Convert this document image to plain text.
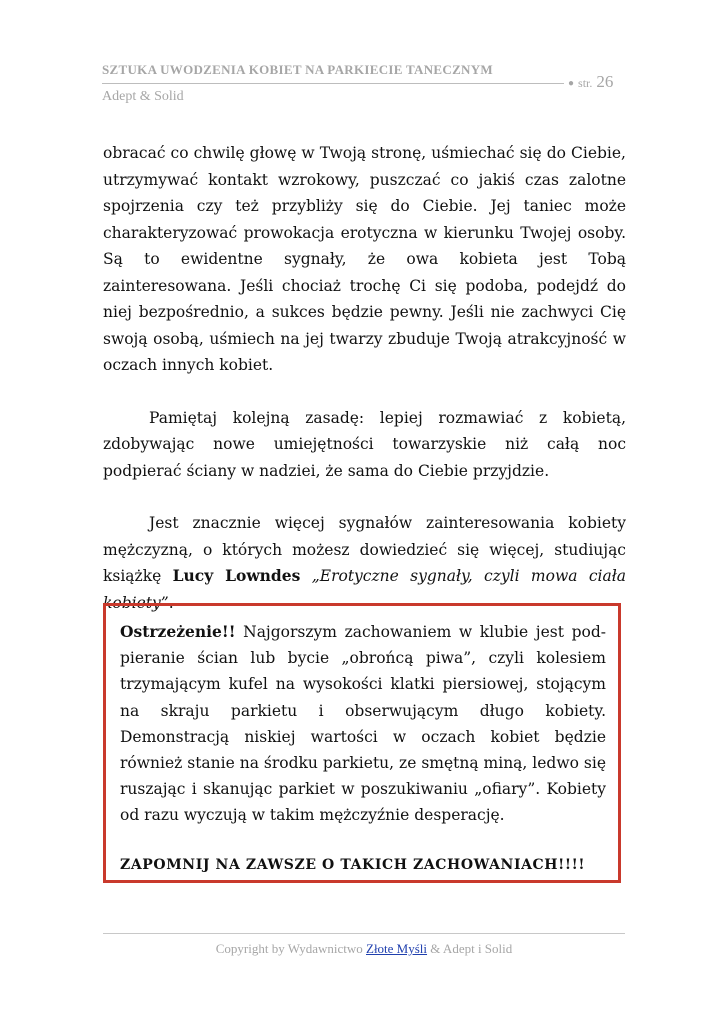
SZTUKA UWODZENIA KOBIET NA PARKIECIE TANECZNYM
Adept & Solid
● str. 26

obracać co chwilę głowę w Twoją stronę, uśmiechać się do Ciebie, utrzymywać kontakt wzrokowy, puszczać co jakiś czas zalotne spojrzenia czy też przybliży się do Ciebie. Jej taniec może charakteryzować prowokacja erotyczna w kierunku Twojej osoby. Są to ewidentne sygnały, że owa kobieta jest Tobą zainteresowana. Jeśli chociaż trochę Ci się podoba, podejdź do niej bezpośrednio, a sukces będzie pewny. Jeśli nie zachwyci Cię swoją osobą, uśmiech na jej twarzy zbuduje Twoją atrakcyjność w oczach innych kobiet.

Pamiętaj kolejną zasadę: lepiej rozmawiać z kobietą, zdobywając nowe umiejętności towarzyskie niż całą noc podpierać ściany w nadziei, że sama do Ciebie przyjdzie.

Jest znacznie więcej sygnałów zainteresowania kobiety mężczyzną, o których możesz dowiedzieć się więcej, studiując książkę Lucy Lowndes „Erotyczne sygnały, czyli mowa ciała kobiety”.

Ostrzeżenie!! Najgorszym zachowaniem w klubie jest podpieranie ścian lub bycie „obrońcą piwa”, czyli kolesiem trzymającym kufel na wysokości klatki piersiowej, stojącym na skraju parkietu i obserwującym długo kobiety. Demonstracją niskiej wartości w oczach kobiet będzie również stanie na środku parkietu, ze smętną miną, ledwo się ruszając i skanując parkiet w poszukiwaniu „ofiary”. Kobiety od razu wyczują w takim mężczyźnie desperację.

ZAPOMNIJ NA ZAWSZE O TAKICH ZACHOWANIACH!!!!
Copyright by Wydawnictwo Złote Myśli & Adept i Solid
